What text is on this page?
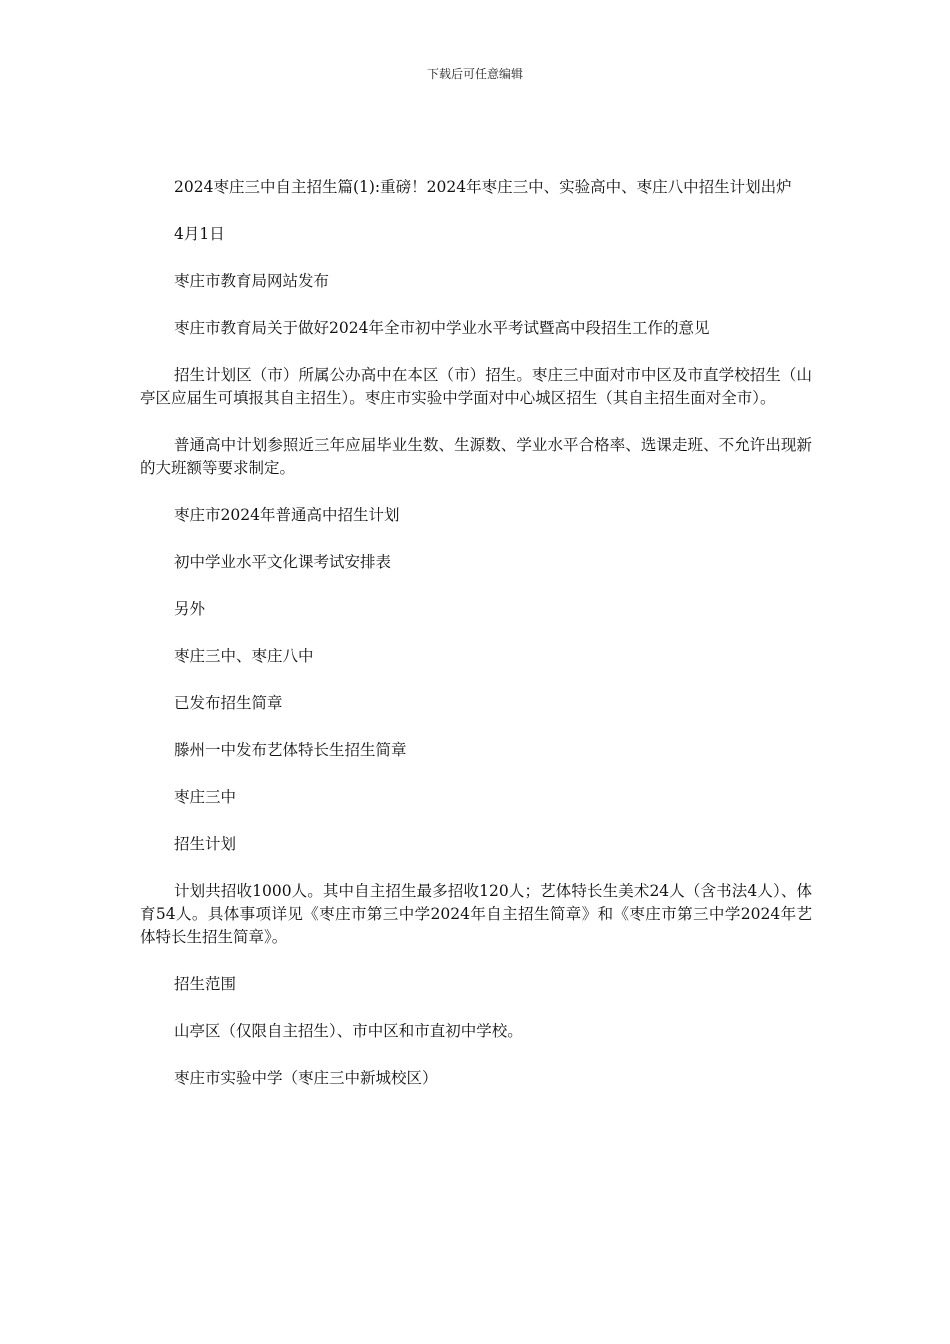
下载后可任意编辑

2024枣庄三中自主招生篇(1):重磅！2024年枣庄三中、实验高中、枣庄八中招生计划出炉

4月1日

枣庄市教育局网站发布

枣庄市教育局关于做好2024年全市初中学业水平考试暨高中段招生工作的意见

招生计划区（市）所属公办高中在本区（市）招生。枣庄三中面对市中区及市直学校招生（山亭区应届生可填报其自主招生）。枣庄市实验中学面对中心城区招生（其自主招生面对全市）。

普通高中计划参照近三年应届毕业生数、生源数、学业水平合格率、选课走班、不允许出现新的大班额等要求制定。

枣庄市2024年普通高中招生计划

初中学业水平文化课考试安排表

另外

枣庄三中、枣庄八中

已发布招生简章

滕州一中发布艺体特长生招生简章

枣庄三中

招生计划

计划共招收1000人。其中自主招生最多招收120人；艺体特长生美术24人（含书法4人）、体育54人。具体事项详见《枣庄市第三中学2024年自主招生简章》和《枣庄市第三中学2024年艺体特长生招生简章》。

招生范围

山亭区（仅限自主招生）、市中区和市直初中学校。

枣庄市实验中学（枣庄三中新城校区）
